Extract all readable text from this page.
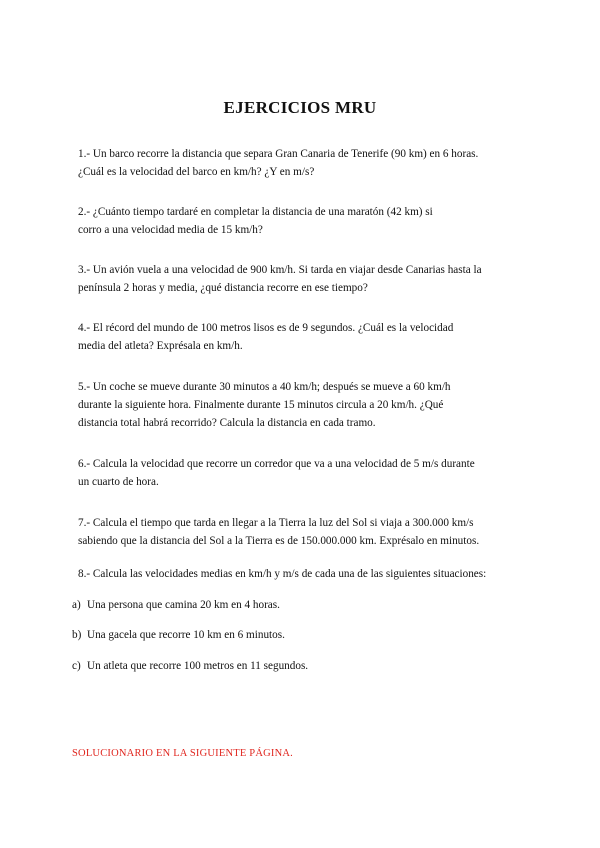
EJERCICIOS MRU

1.- Un barco recorre la distancia que separa Gran Canaria de Tenerife (90 km) en 6 horas.

¿Cuál es la velocidad del barco en km/h? ¿Y en m/s?

2.- ¿Cuánto tiempo tardaré en completar la distancia de una maratón (42 km) si

corro a una velocidad media de 15 km/h?

3.- Un avión vuela a una velocidad de 900 km/h. Si tarda en viajar desde Canarias hasta la

península 2 horas y media, ¿qué distancia recorre en ese tiempo?

4.- El récord del mundo de 100 metros lisos es de 9 segundos. ¿Cuál es la velocidad

media del atleta? Exprésala en km/h.

5.- Un coche se mueve durante 30 minutos a 40 km/h; después se mueve a 60 km/h

durante la siguiente hora. Finalmente durante 15 minutos circula a 20 km/h. ¿Qué

distancia total habrá recorrido? Calcula la distancia en cada tramo.

6.- Calcula la velocidad que recorre un corredor que va a una velocidad de 5 m/s durante

un cuarto de hora.

7.- Calcula el tiempo que tarda en llegar a la Tierra la luz del Sol si viaja a 300.000 km/s

sabiendo que la distancia del Sol a la Tierra es de 150.000.000 km. Exprésalo en minutos.

8.- Calcula las velocidades medias en km/h y m/s de cada una de las siguientes situaciones:

a) Una persona que camina 20 km en 4 horas.
b) Una gacela que recorre 10 km en 6 minutos.
c) Un atleta que recorre 100 metros en 11 segundos.
SOLUCIONARIO EN LA SIGUIENTE PÁGINA.
